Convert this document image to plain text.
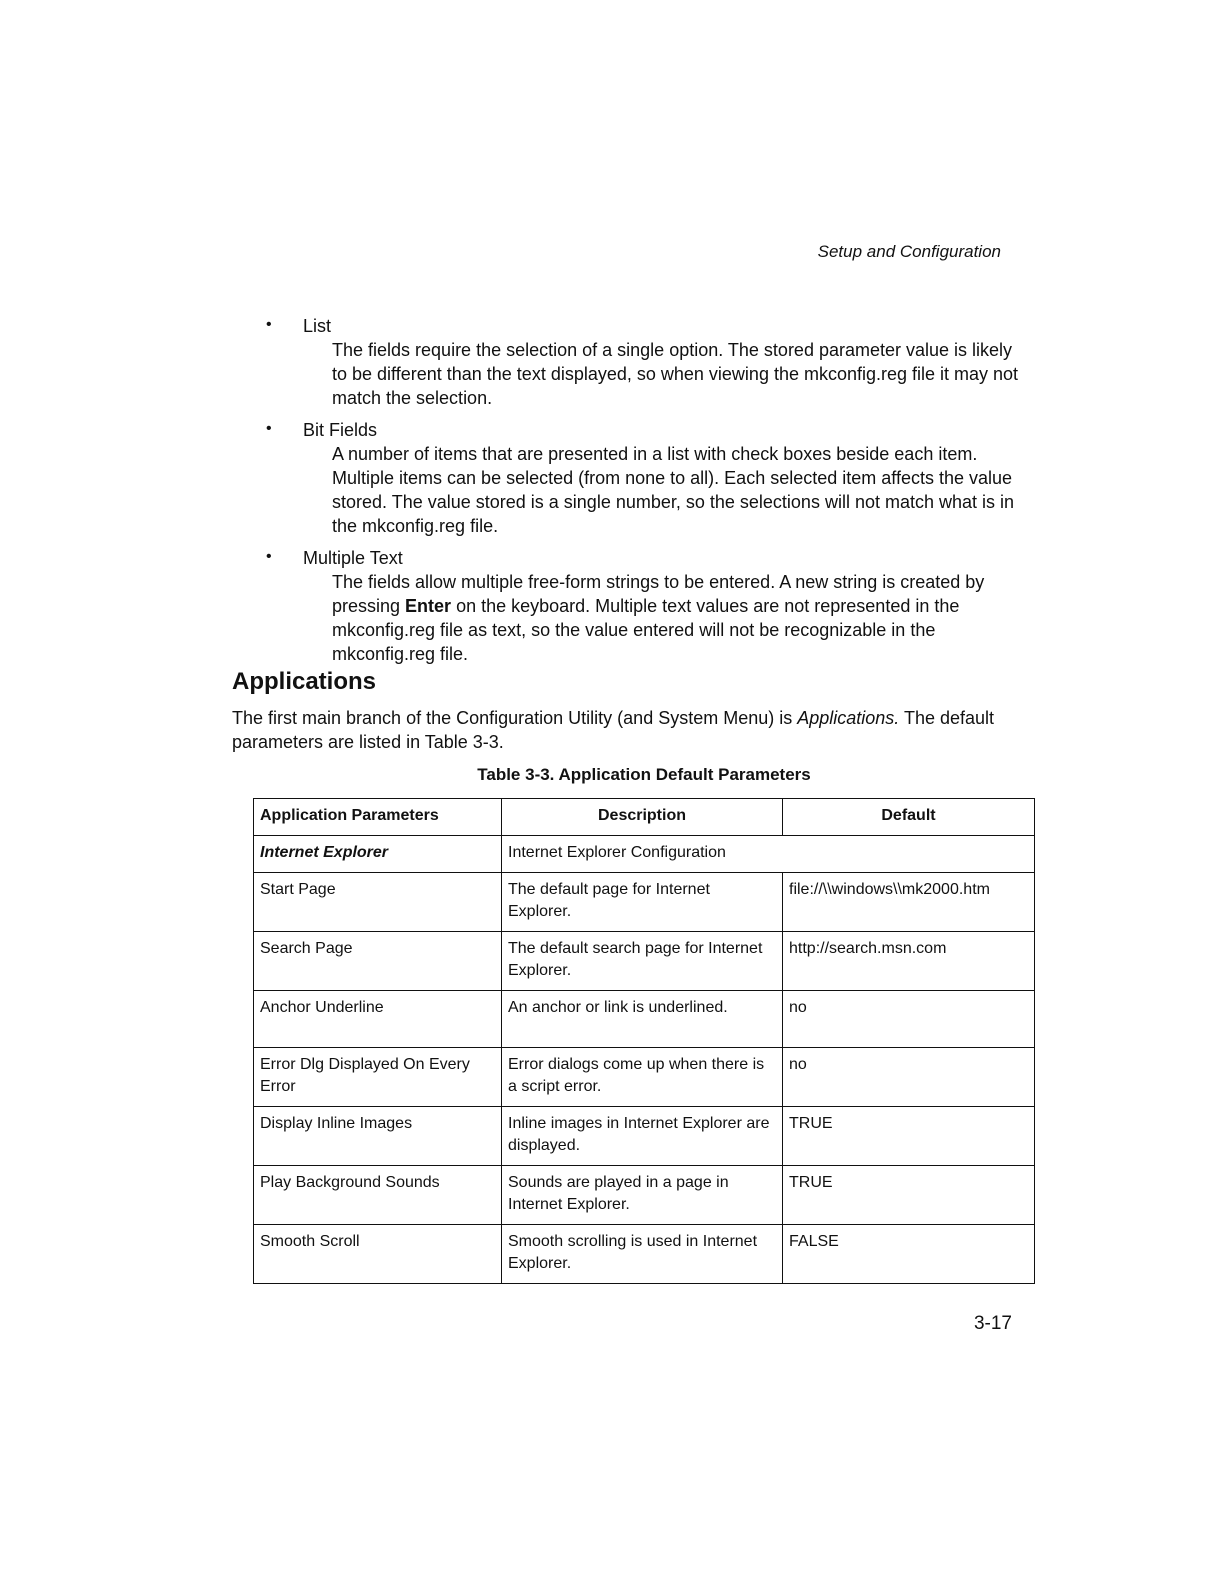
Setup and Configuration
• List
The fields require the selection of a single option. The stored parameter value is likely to be different than the text displayed, so when viewing the mkconfig.reg file it may not match the selection.
• Bit Fields
A number of items that are presented in a list with check boxes beside each item. Multiple items can be selected (from none to all). Each selected item affects the value stored. The value stored is a single number, so the selections will not match what is in the mkconfig.reg file.
• Multiple Text
The fields allow multiple free-form strings to be entered. A new string is created by pressing Enter on the keyboard. Multiple text values are not represented in the mkconfig.reg file as text, so the value entered will not be recognizable in the mkconfig.reg file.
Applications
The first main branch of the Configuration Utility (and System Menu) is Applications. The default parameters are listed in Table 3-3.
Table 3-3. Application Default Parameters
Application Parameters	Description	Default
Internet Explorer	Internet Explorer Configuration	
Start Page	The default page for Internet Explorer.	file://\\windows\\mk2000.htm
Search Page	The default search page for Internet Explorer.	http://search.msn.com
Anchor Underline	An anchor or link is underlined.	no
Error Dlg Displayed On Every Error	Error dialogs come up when there is a script error.	no
Display Inline Images	Inline images in Internet Explorer are displayed.	TRUE
Play Background Sounds	Sounds are played in a page in Internet Explorer.	TRUE
Smooth Scroll	Smooth scrolling is used in Internet Explorer.	FALSE
3-17
